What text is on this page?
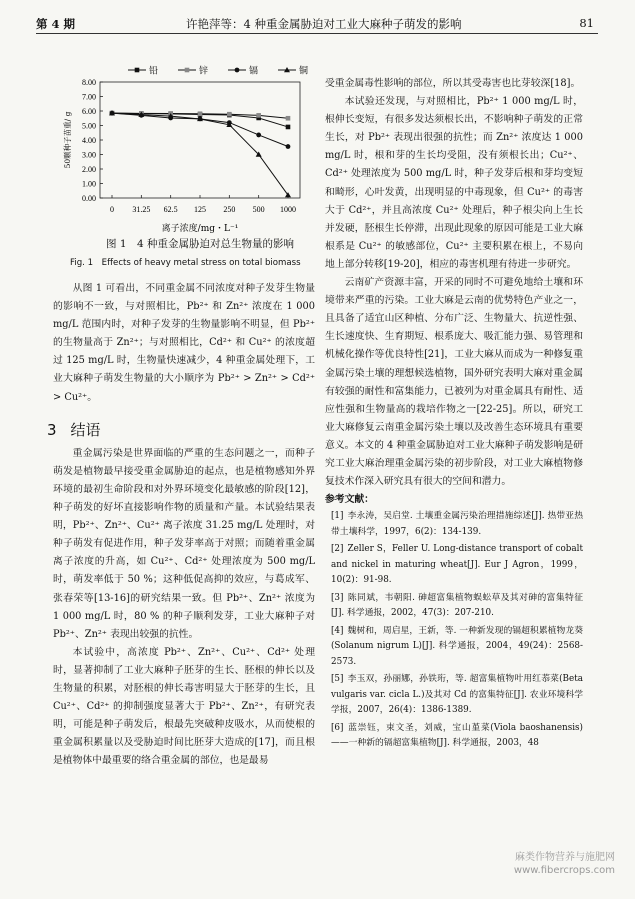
第 4 期	许艳萍等：4 种重金属胁迫对工业大麻种子萌发的影响	81
0.00
1.00
2.00
3.00
4.00
5.00
6.00
7.00
8.00
0 31.25 62.5 125 250 500 1000
50颗种子苗重/ g
离子浓度/mg・L⁻¹
铅	锌	镉	铜
图 1　4 种重金属胁迫对总生物量的影响
Fig. 1　Effects of heavy metal stress on total biomass

从图 1 可看出，不同重金属不同浓度对种子发芽生物量的影响不一致，与对照相比，Pb²⁺ 和 Zn²⁺ 浓度在 1 000 mg/L 范围内时，对种子发芽的生物量影响不明显，但 Pb²⁺ 的生物量高于 Zn²⁺；与对照相比，Cd²⁺ 和 Cu²⁺ 的浓度超过 125 mg/L 时，生物量快速减少，4 种重金属处理下，工业大麻种子萌发生物量的大小顺序为 Pb²⁺ > Zn²⁺ > Cd²⁺ > Cu²⁺。

3 结语

重金属污染是世界面临的严重的生态问题之一，而种子萌发是植物最早接受重金属胁迫的起点，也是植物感知外界环境的最初生命阶段和对外界环境变化最敏感的阶段[12]，种子萌发的好坏直接影响作物的质量和产量。本试验结果表明，Pb²⁺、Zn²⁺、Cu²⁺ 离子浓度 31.25 mg/L 处理时，对种子萌发有促进作用，种子发芽率高于对照；而随着重金属离子浓度的升高，如 Cu²⁺、Cd²⁺ 处理浓度为 500 mg/L 时，萌发率低于 50 %；这种低促高抑的效应，与葛成军、张春荣等[13-16]的研究结果一致。但 Pb²⁺、Zn²⁺ 浓度为 1 000 mg/L 时，80 % 的种子顺利发芽，工业大麻种子对 Pb²⁺、Zn²⁺ 表现出较强的抗性。

本试验中，高浓度 Pb²⁺、Zn²⁺、Cu²⁺、Cd²⁺ 处理时，显著抑制了工业大麻种子胚芽的生长、胚根的伸长以及生物量的积累，对胚根的伸长毒害明显大于胚芽的生长，且 Cu²⁺、Cd²⁺ 的抑制强度显著大于 Pb²⁺、Zn²⁺，有研究表明，可能是种子萌发后，根最先突破种皮吸水，从而使根的重金属积累量以及受胁迫时间比胚芽大造成的[17]，而且根是植物体中最重要的络合重金属的部位，也是最易

受重金属毒性影响的部位，所以其受毒害也比芽较深[18]。

本试验还发现，与对照相比，Pb²⁺ 1 000 mg/L 时，根伸长变短，有很多发达须根长出，不影响种子萌发的正常生长，对 Pb²⁺ 表现出很强的抗性；而 Zn²⁺ 浓度达 1 000 mg/L 时，根和芽的生长均受阻，没有须根长出；Cu²⁺、Cd²⁺ 处理浓度为 500 mg/L 时，种子发芽后根和芽均变短和畸形，心叶发黄，出现明显的中毒现象，但 Cu²⁺ 的毒害大于 Cd²⁺，并且高浓度 Cu²⁺ 处理后，种子根尖向上生长并发硬，胚根生长停滞，出现此现象的原因可能是工业大麻根系是 Cu²⁺ 的敏感部位，Cu²⁺ 主要积累在根上，不易向地上部分转移[19-20]，相应的毒害机理有待进一步研究。

云南矿产资源丰富，开采的同时不可避免地给土壤和环境带来严重的污染。工业大麻是云南的优势特色产业之一，且具备了适宜山区种植、分布广泛、生物量大、抗逆性强、生长速度快、生育期短、根系庞大、吸汇能力强、易管理和机械化操作等优良特性[21]，工业大麻从而成为一种修复重金属污染土壤的理想候选植物，国外研究表明大麻对重金属有较强的耐性和富集能力，已被列为对重金属具有耐性、适应性强和生物量高的栽培作物之一[22-25]。所以，研究工业大麻修复云南重金属污染土壤以及改善生态环境具有重要意义。本文的 4 种重金属胁迫对工业大麻种子萌发影响是研究工业大麻治理重金属污染的初步阶段，对工业大麻植物修复技术作深入研究具有很大的空间和潜力。

参考文献：

[1] 李永涛，吴启堂. 土壤重金属污染治理措施综述[J]. 热带亚热带土壤科学，1997，6(2)：134-139.

[2] Zeller S，Feller U. Long-distance transport of cobalt and nickel in maturing wheat[J]. Eur J Agron，1999，10(2)：91-98.

[3] 陈同斌，韦朝阳. 砷超富集植物蜈蚣草及其对砷的富集特征[J]. 科学通报，2002，47(3)：207-210.

[4] 魏树和，周启星，王新，等. 一种新发现的镉超积累植物龙葵(Solanum nigrum L)[J]. 科学通报，2004，49(24)：2568-2573.

[5] 李玉双，孙丽娜，孙铁珩，等. 超富集植物叶用红菾菜(Beta vulgaris var. cicla L.)及其对 Cd 的富集特征[J]. 农业环境科学学报，2007，26(4)：1386-1389.

[6] 蓝崇钰，束文圣，刘威，宝山堇菜(Viola baoshanensis)——一种新的镉超富集植物[J]. 科学通报，2003，48

麻类作物营养与施肥网
www.fibercrops.com
